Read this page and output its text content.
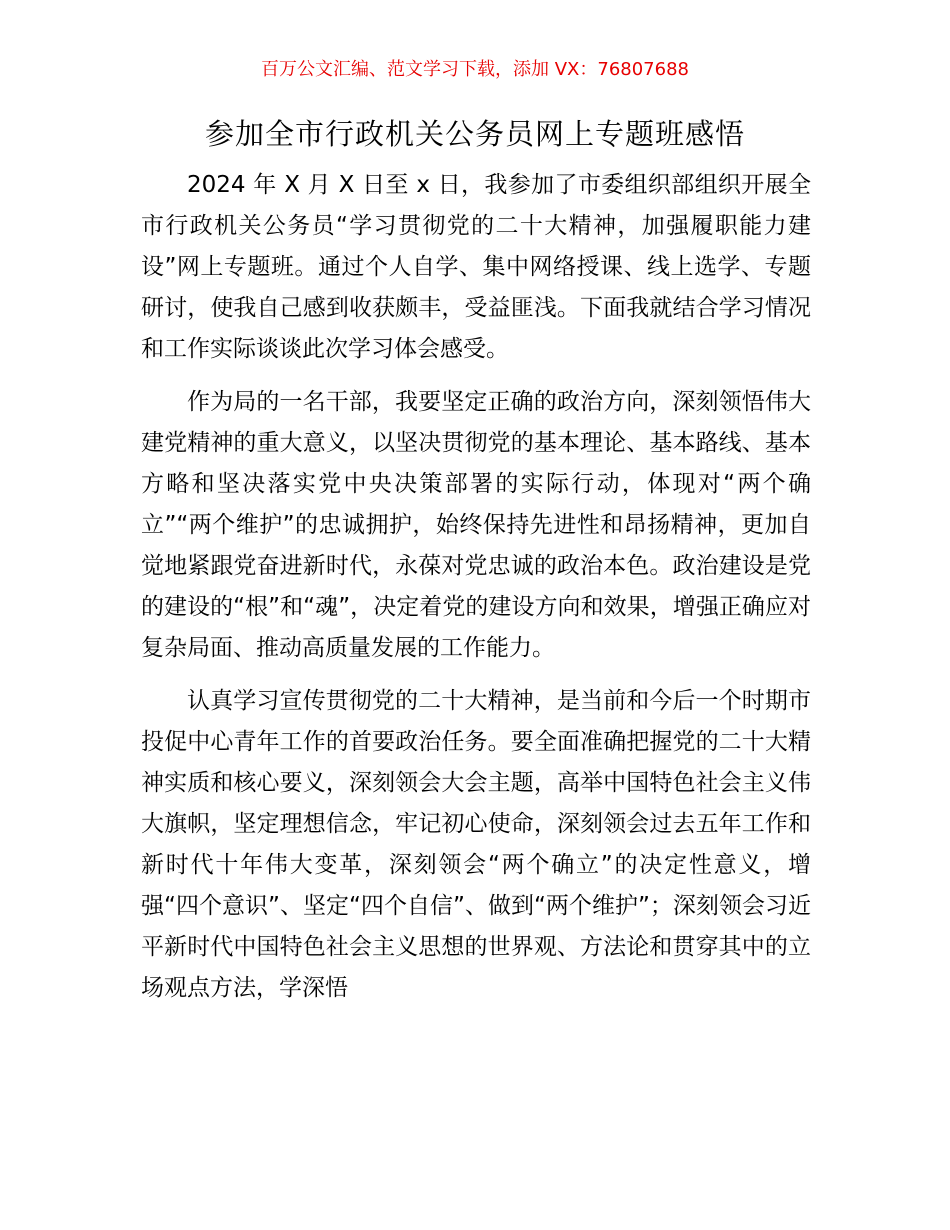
百万公文汇编、范文学习下载，添加 VX：76807688
参加全市行政机关公务员网上专题班感悟

2024 年 X 月 X 日至 x 日，我参加了市委组织部组织开展全市行政机关公务员“学习贯彻党的二十大精神，加强履职能力建设”网上专题班。通过个人自学、集中网络授课、线上选学、专题研讨，使我自己感到收获颇丰，受益匪浅。下面我就结合学习情况和工作实际谈谈此次学习体会感受。

作为局的一名干部，我要坚定正确的政治方向，深刻领悟伟大建党精神的重大意义，以坚决贯彻党的基本理论、基本路线、基本方略和坚决落实党中央决策部署的实际行动，体现对“两个确立”“两个维护”的忠诚拥护，始终保持先进性和昂扬精神，更加自觉地紧跟党奋进新时代，永葆对党忠诚的政治本色。政治建设是党的建设的“根”和“魂”，决定着党的建设方向和效果，增强正确应对复杂局面、推动高质量发展的工作能力。

认真学习宣传贯彻党的二十大精神，是当前和今后一个时期市投促中心青年工作的首要政治任务。要全面准确把握党的二十大精神实质和核心要义，深刻领会大会主题，高举中国特色社会主义伟大旗帜，坚定理想信念，牢记初心使命，深刻领会过去五年工作和新时代十年伟大变革，深刻领会“两个确立”的决定性意义，增强“四个意识”、坚定“四个自信”、做到“两个维护”；深刻领会习近平新时代中国特色社会主义思想的世界观、方法论和贯穿其中的立场观点方法，学深悟
